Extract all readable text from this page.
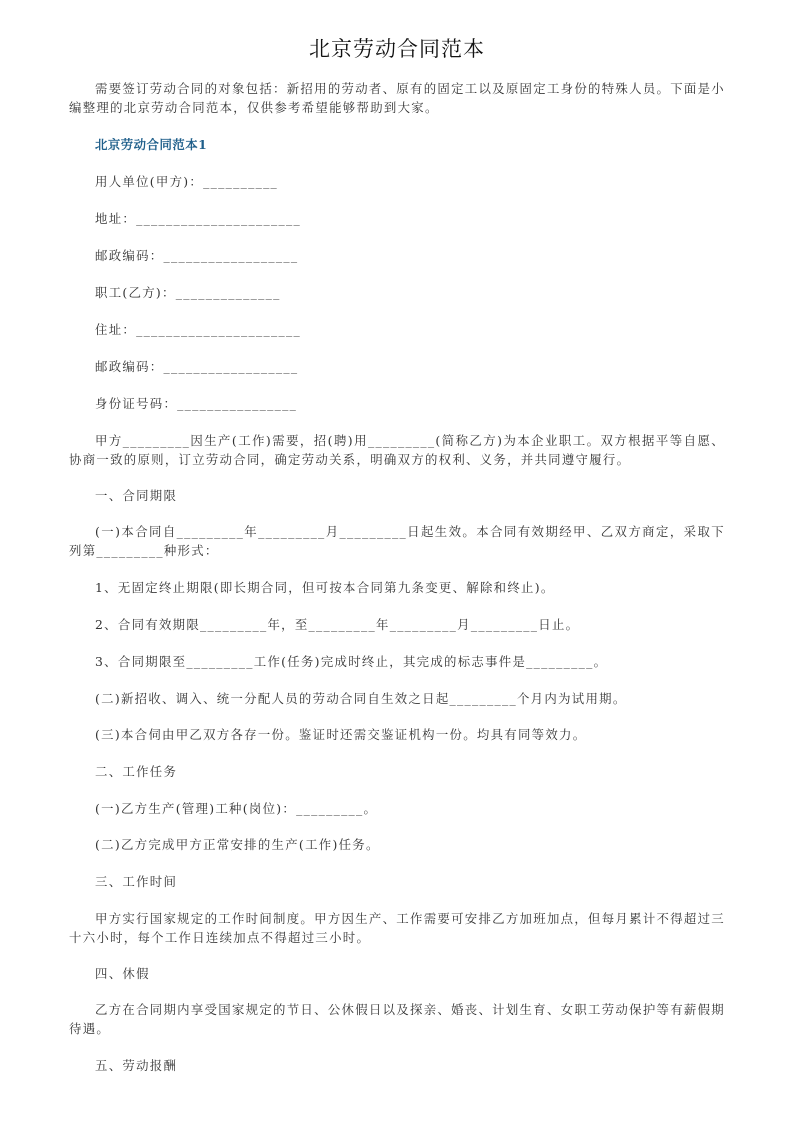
北京劳动合同范本

需要签订劳动合同的对象包括：新招用的劳动者、原有的固定工以及原固定工身份的特殊人员。下面是小编整理的北京劳动合同范本，仅供参考希望能够帮助到大家。

北京劳动合同范本1

用人单位(甲方)：__________

地址：______________________

邮政编码：__________________

职工(乙方)：______________

住址：______________________

邮政编码：__________________

身份证号码：________________

甲方_________因生产(工作)需要，招(聘)用_________(简称乙方)为本企业职工。双方根据平等自愿、协商一致的原则，订立劳动合同，确定劳动关系，明确双方的权利、义务，并共同遵守履行。

一、合同期限

(一)本合同自_________年_________月_________日起生效。本合同有效期经甲、乙双方商定，采取下列第_________种形式：

1、无固定终止期限(即长期合同，但可按本合同第九条变更、解除和终止)。

2、合同有效期限_________年，至_________年_________月_________日止。

3、合同期限至_________工作(任务)完成时终止，其完成的标志事件是_________。

(二)新招收、调入、统一分配人员的劳动合同自生效之日起_________个月内为试用期。

(三)本合伺由甲乙双方各存一份。鉴证时还需交鉴证机构一份。均具有同等效力。

二、工作任务

(一)乙方生产(管理)工种(岗位)：_________。

(二)乙方完成甲方正常安排的生产(工作)任务。

三、工作时间

甲方实行国家规定的工作时间制度。甲方因生产、工作需要可安排乙方加班加点，但每月累计不得超过三十六小时，每个工作日连续加点不得超过三小时。

四、休假

乙方在合同期内享受国家规定的节日、公休假日以及探亲、婚丧、计划生育、女职工劳动保护等有薪假期待遇。

五、劳动报酬
